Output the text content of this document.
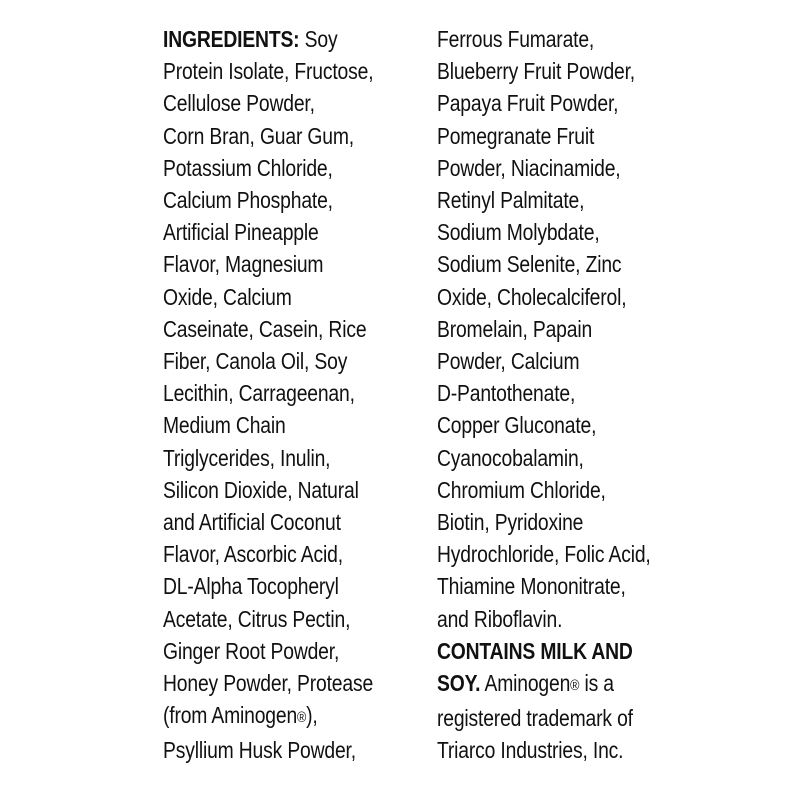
INGREDIENTS: Soy
Protein Isolate, Fructose,
Cellulose Powder,
Corn Bran, Guar Gum,
Potassium Chloride,
Calcium Phosphate,
Artificial Pineapple
Flavor, Magnesium
Oxide, Calcium
Caseinate, Casein, Rice
Fiber, Canola Oil, Soy
Lecithin, Carrageenan,
Medium Chain
Triglycerides, Inulin,
Silicon Dioxide, Natural
and Artificial Coconut
Flavor, Ascorbic Acid,
DL-Alpha Tocopheryl
Acetate, Citrus Pectin,
Ginger Root Powder,
Honey Powder, Protease
(from Aminogen®),
Psyllium Husk Powder,
Ferrous Fumarate,
Blueberry Fruit Powder,
Papaya Fruit Powder,
Pomegranate Fruit
Powder, Niacinamide,
Retinyl Palmitate,
Sodium Molybdate,
Sodium Selenite, Zinc
Oxide, Cholecalciferol,
Bromelain, Papain
Powder, Calcium
D-Pantothenate,
Copper Gluconate,
Cyanocobalamin,
Chromium Chloride,
Biotin, Pyridoxine
Hydrochloride, Folic Acid,
Thiamine Mononitrate,
and Riboflavin.
CONTAINS MILK AND
SOY. Aminogen® is a
registered trademark of
Triarco Industries, Inc.
